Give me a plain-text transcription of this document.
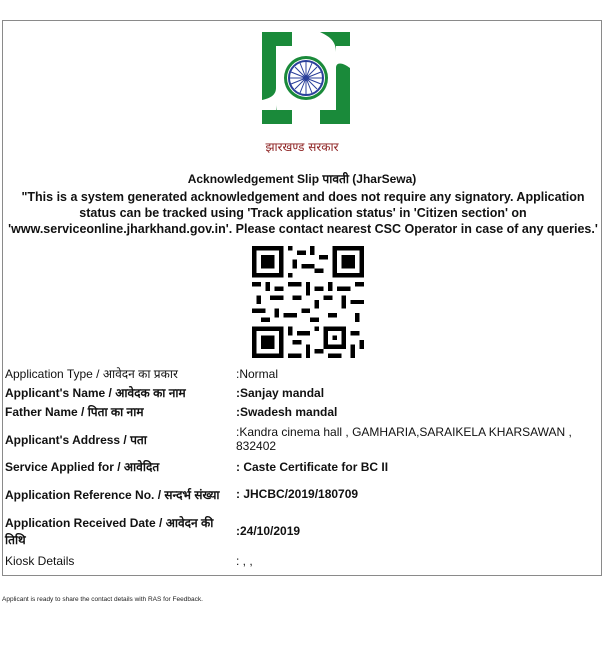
झारखण्ड सरकार
Acknowledgement Slip पावती (JharSewa)
"This is a system generated acknowledgement and does not require any signatory. Application status can be tracked using 'Track application status' in 'Citizen section' on 'www.serviceonline.jharkhand.gov.in'. Please contact nearest CSC Operator in case of any queries.'
Application Type / आवेदन का प्रकार	:Normal
Applicant's Name / आवेदक का नाम	:Sanjay mandal
Father Name / पिता का नाम	:Swadesh mandal
Applicant's Address / पता	:Kandra cinema hall , GAMHARIA,SARAIKELA KHARSAWAN , 832402
Service Applied for / आवेदित	: Caste Certificate for BC II
Application Reference No. / सन्दर्भ संख्या	: JHCBC/2019/180709
Application Received Date / आवेदन की तिथि	:24/10/2019
Kiosk Details	: , ,
Applicant is ready to share the contact details with RAS for Feedback.
